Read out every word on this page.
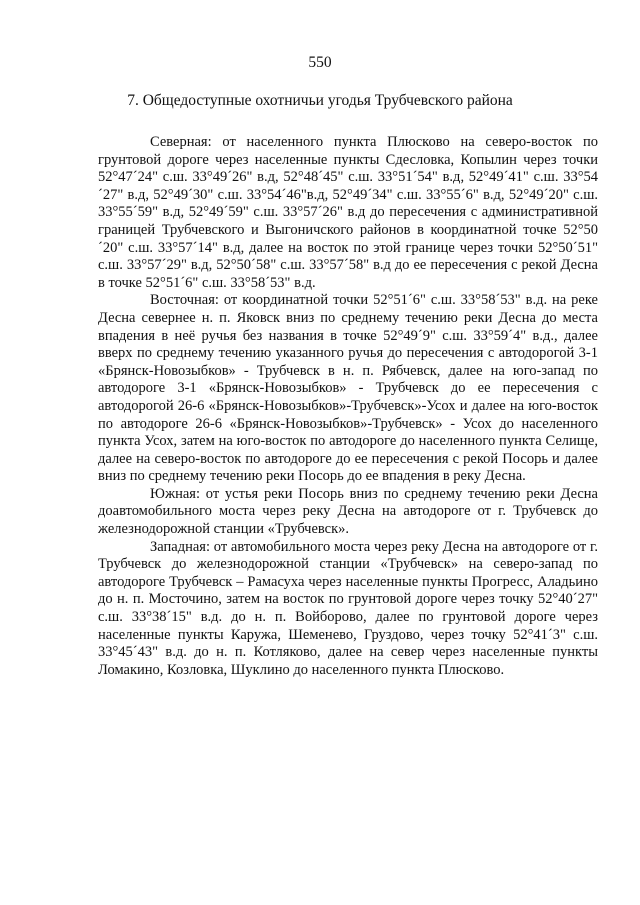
550
7. Общедоступные охотничьи угодья Трубчевского района

Северная: от населенного пункта Плюсково на северо-восток по грунтовой дороге через населенные пункты Сдесловка, Копылин через точки 52°47´24" с.ш. 33°49´26" в.д, 52°48´45" с.ш. 33°51´54" в.д, 52°49´41" с.ш. 33°54´27" в.д, 52°49´30" с.ш. 33°54´46"в.д, 52°49´34" с.ш. 33°55´6" в.д, 52°49´20" с.ш. 33°55´59" в.д, 52°49´59" с.ш. 33°57´26" в.д до пересечения с административной границей Трубчевского и Выгоничского районов в координатной точке 52°50´20" с.ш. 33°57´14" в.д, далее на восток по этой границе через точки 52°50´51" с.ш. 33°57´29" в.д, 52°50´58" с.ш. 33°57´58" в.д до ее пересечения с рекой Десна в точке 52°51´6" с.ш. 33°58´53" в.д.

Восточная: от координатной точки 52°51´6" с.ш. 33°58´53" в.д. на реке Десна севернее н. п. Яковск вниз по среднему течению реки Десна до места впадения в неё ручья без названия в точке 52°49´9" с.ш. 33°59´4" в.д., далее вверх по среднему течению указанного ручья до пересечения с автодорогой 3-1 «Брянск-Новозыбков» - Трубчевск в н. п. Рябчевск, далее на юго-запад по автодороге 3-1 «Брянск-Новозыбков» - Трубчевск до ее пересечения с автодорогой 26-6 «Брянск-Новозыбков»-Трубчевск»-Усох и далее на юго-восток по автодороге 26-6 «Брянск-Новозыбков»-Трубчевск» - Усох до населенного пункта Усох, затем на юго-восток по автодороге до населенного пункта Селище, далее на северо-восток по автодороге до ее пересечения с рекой Посорь и далее вниз по среднему течению реки Посорь до ее впадения в реку Десна.

Южная: от устья реки Посорь вниз по среднему течению реки Десна доавтомобильного моста через реку Десна на автодороге от г. Трубчевск до железнодорожной станции «Трубчевск».

Западная: от автомобильного моста через реку Десна на автодороге от г. Трубчевск до железнодорожной станции «Трубчевск» на северо-запад по автодороге Трубчевск – Рамасуха через населенные пункты Прогресс, Аладьино до н. п. Мосточино, затем на восток по грунтовой дороге через точку 52°40´27" с.ш. 33°38´15" в.д. до н. п. Войборово, далее по грунтовой дороге через населенные пункты Каружа, Шеменево, Груздово, через точку 52°41´3" с.ш. 33°45´43" в.д. до н. п. Котляково, далее на север через населенные пункты Ломакино, Козловка, Шуклино до населенного пункта Плюсково.
